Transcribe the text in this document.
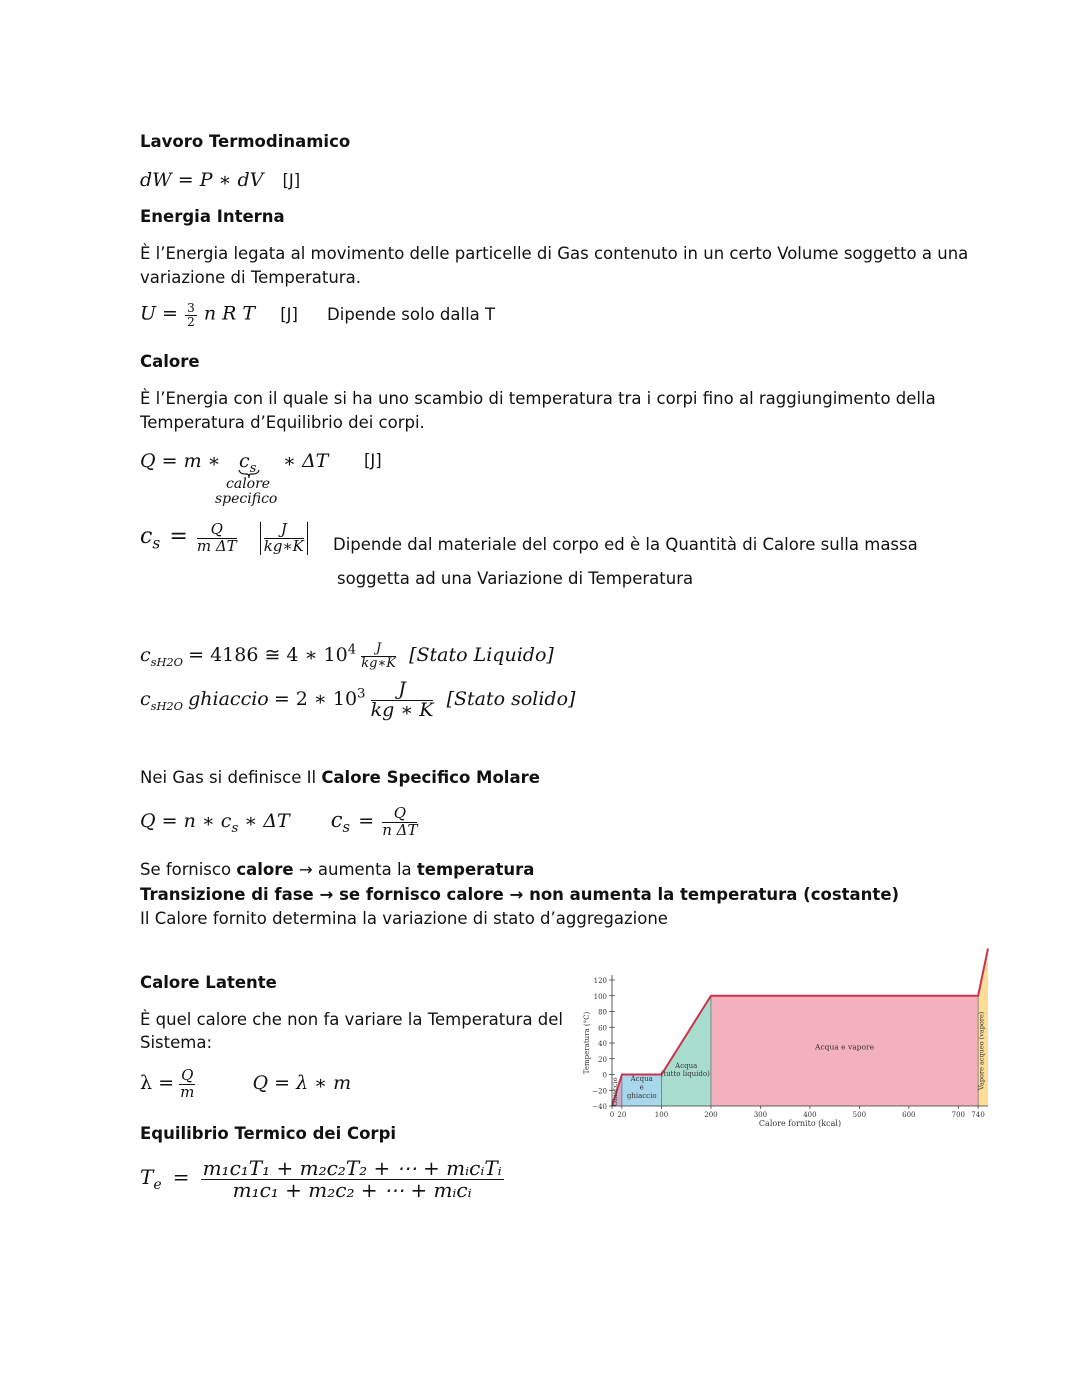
Lavoro Termodinamico
dW = P ∗ dV [J]
Energia Interna
È l’Energia legata al movimento delle particelle di Gas contenuto in un certo Volume soggetto a una
variazione di Temperatura.
$U = \frac{3}{2}$ n R T [J] Dipende solo dalla T
Calore
È l’Energia con il quale si ha uno scambio di temperatura tra i corpi fino al raggiungimento della
Temperatura d’Equilibrio dei corpi.
Q = m ∗ $c_s$ ∗ ΔT [J]
calore
specifico
$c_s = \frac{Q}{\text{m ΔT}}$
$\frac{J}{kg∗K}$ Dipende dal materiale del corpo ed è la Quantità di Calore sulla massa
soggetta ad una Variazione di Temperatura
$c_{sH2O} = 4186$ ≅ 4 ∗ $10^4 \frac{J}{kg∗K}$ [Stato Liquido]
$c_{sH2O}$ ghiaccio = 2 ∗ $10^3 \frac{J}{kg ∗ K}$ [Stato solido]
Nei Gas si definisce Il Calore Specifico Molare
Q = n ∗ $c_s$ ∗ ΔT $c_s = \frac{Q}{\text{n ΔT}}$
Se fornisco calore → aumenta la temperatura
Transizione di fase → se fornisco calore → non aumenta la temperatura (costante)
Il Calore fornito determina la variazione di stato d’aggregazione
Calore Latente
È quel calore che non fa variare la Temperatura del
Sistema:
$\lambda = \frac{Q}{m}$	Q = λ ∗ m
Equilibrio Termico dei Corpi
$T_e = \frac{\text{m₁c₁T₁ + m₂c₂T₂ + ⋯ + mᵢcᵢTᵢ}}{\text{m₁c₁ + m₂c₂ + ⋯ + mᵢcᵢ}}$
120
100
80
60
40
20
0
−20
−40
0 20	100	200	300	400	500	600	700 740
Calore fornito (kcal)
Temperatura (°C)
Ghiaccio Acqua
e
ghiaccio
Acqua
(tutto liquido)
Acqua e vapore	Vapore acqueo (vapore)
